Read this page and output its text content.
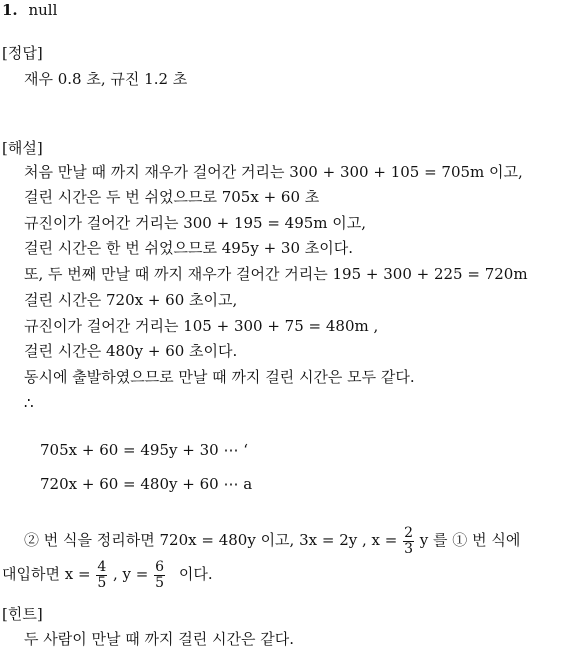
1. null
[정답]
재우 0.8 초, 규진 1.2 초
[해설]
처음 만날 때 까지 재우가 걸어간 거리는 300 + 300 + 105 = 705m 이고,
걸린 시간은 두 번 쉬었으므로 705x + 60 초
규진이가 걸어간 거리는 300 + 195 = 495m 이고,
걸린 시간은 한 번 쉬었으므로 495y + 30 초이다.
또, 두 번째 만날 때 까지 재우가 걸어간 거리는 195 + 300 + 225 = 720m
걸린 시간은 720x + 60 초이고,
규진이가 걸어간 거리는 105 + 300 + 75 = 480m ,
걸린 시간은 480y + 60 초이다.
동시에 출발하였으므로 만날 때 까지 걸린 시간은 모두 같다.
∴
705x + 60 = 495y + 30 ⋯ ‘
720x + 60 = 480y + 60 ⋯ a
② 번 식을 정리하면 720x = 480y 이고, 3x = 2y , $x = \frac{2}{3}$ y 를 ① 번 식에
대입하면 $x = \frac{4}{5}$ , $y = \frac{6}{5}$ 이다.
[힌트]
두 사람이 만날 때 까지 걸린 시간은 같다.
